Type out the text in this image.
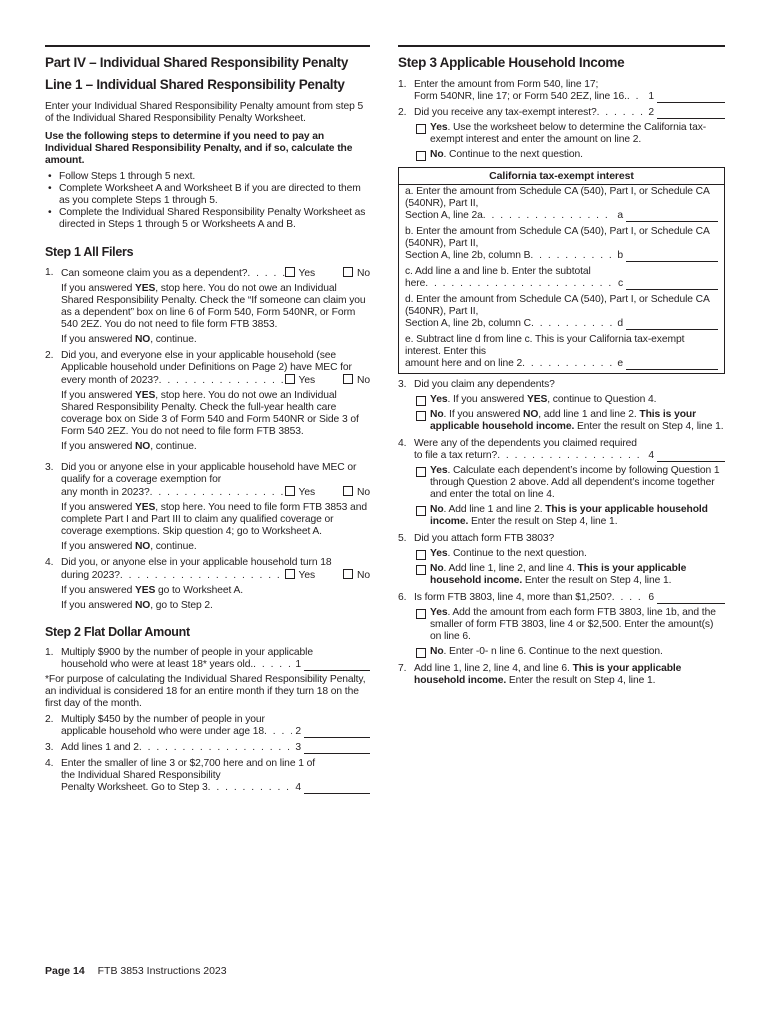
Part IV – Individual Shared Responsibility Penalty
Line 1 – Individual Shared Responsibility Penalty
Enter your Individual Shared Responsibility Penalty amount from step 5 of the Individual Shared Responsibility Penalty Worksheet.
Use the following steps to determine if you need to pay an Individual Shared Responsibility Penalty, and if so, calculate the amount.
• Follow Steps 1 through 5 next.
• Complete Worksheet A and Worksheet B if you are directed to them as you complete Steps 1 through 5.
• Complete the Individual Shared Responsibility Penalty Worksheet as directed in Steps 1 through 5 or Worksheets A and B.
Step 1 All Filers
1. Can someone claim you as a dependent? . . .	Yes	No
If you answered YES, stop here. You do not owe an Individual Shared Responsibility Penalty. Check the “If someone can claim you as a dependent” box on line 6 of Form 540, Form 540NR, or Form 540 2EZ. You do not need to file form FTB 3853.
If you answered NO, continue.
2. Did you, and everyone else in your applicable household (see Applicable household under Definitions on Page 2) have MEC for
every month of 2023? . . .	Yes	No
If you answered YES, stop here. You do not owe an Individual Shared Responsibility Penalty. Check the full-year health care coverage box on Side 3 of Form 540 and Form 540NR or Side 3 of Form 540 2EZ. You do not need to file form FTB 3853.
If you answered NO, continue.
3. Did you or anyone else in your applicable household have MEC or qualify for a coverage exemption for
any month in 2023? . . .	Yes	No
If you answered YES, stop here. You need to file form FTB 3853 and complete Part I and Part III to claim any qualified coverage or coverage exemptions. Skip question 4; go to Worksheet A.
If you answered NO, continue.
4. Did you, or anyone else in your applicable household turn 18
during 2023? . . .	Yes	No
If you answered YES go to Worksheet A.
If you answered NO, go to Step 2.
Step 2 Flat Dollar Amount
1. Multiply $900 by the number of people in your applicable
household who were at least 18* years old. . . .	1
*For purpose of calculating the Individual Shared Responsibility Penalty, an individual is considered 18 for an entire month if they turn 18 on the first day of the month.
2. Multiply $450 by the number of people in your
applicable household who were under age 18 . . .	2
3. Add lines 1 and 2 . . .	3
4. Enter the smaller of line 3 or $2,700 here and on line 1 of the Individual Shared Responsibility
Penalty Worksheet. Go to Step 3 . . .	4
Step 3 Applicable Household Income
1. Enter the amount from Form 540, line 17;
Form 540NR, line 17; or Form 540 2EZ, line 16. . . . 1
2. Did you receive any tax-exempt interest? . . .	2
Yes. Use the worksheet below to determine the California tax-exempt interest and enter the amount on line 2.
No. Continue to the next question.
California tax-exempt interest
a. Enter the amount from Schedule CA (540), Part I, or Schedule CA (540NR), Part II,
Section A, line 2a . . .	a
b. Enter the amount from Schedule CA (540), Part I, or Schedule CA (540NR), Part II,
Section A, line 2b, column B . . .	b
c. Add line a and line b. Enter the subtotal
here . . .	c
d. Enter the amount from Schedule CA (540), Part I, or Schedule CA (540NR), Part II,
Section A, line 2b, column C . . .	d
e. Subtract line d from line c. This is your California tax-exempt interest. Enter this
amount here and on line 2 . . .	e
3. Did you claim any dependents?
Yes. If you answered YES, continue to Question 4.
No. If you answered NO, add line 1 and line 2. This is your applicable household income. Enter the result on Step 4, line 1.
4. Were any of the dependents you claimed required
to file a tax return? . . .	4
Yes. Calculate each dependent’s income by following Question 1 through Question 2 above. Add all dependent’s income together and enter the total on line 4.
No. Add line 1 and line 2. This is your applicable household income. Enter the result on Step 4, line 1.
5. Did you attach form FTB 3803?
Yes. Continue to the next question.
No. Add line 1, line 2, and line 4. This is your applicable household income. Enter the result on Step 4, line 1.
6. Is form FTB 3803, line 4, more than $1,250? . . .	6
Yes. Add the amount from each form FTB 3803, line 1b, and the smaller of form FTB 3803, line 4 or $2,500. Enter the amount(s) on line 6.
No. Enter -0- n line 6. Continue to the next question.
7. Add line 1, line 2, line 4, and line 6. This is your applicable household income. Enter the result on Step 4, line 1.
Page 14 FTB 3853 Instructions 2023
